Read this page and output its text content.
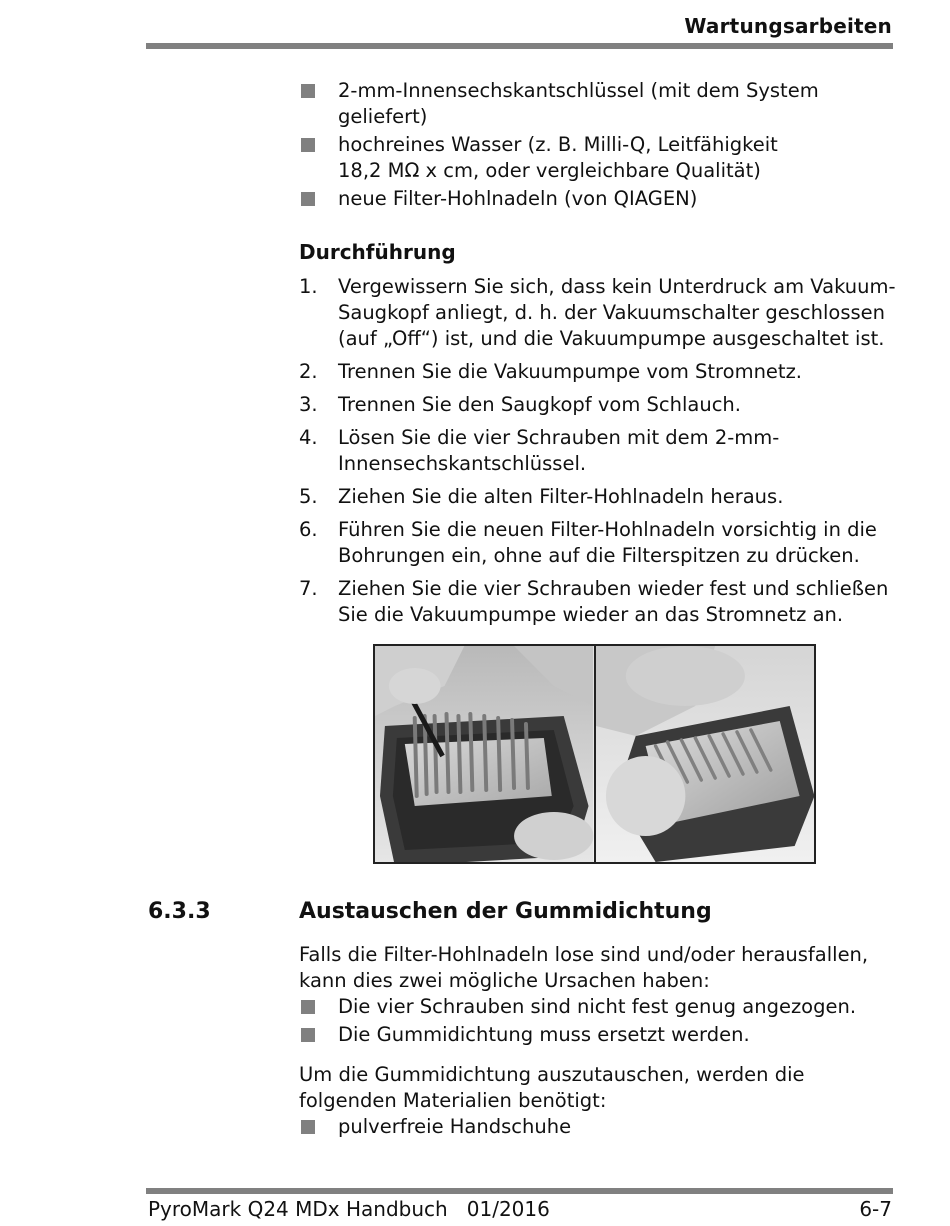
Wartungsarbeiten
2-mm-Innensechskantschlüssel (mit dem System
geliefert)
hochreines Wasser (z. B. Milli-Q, Leitfähigkeit
18,2 MΩ x cm, oder vergleichbare Qualität)
neue Filter-Hohlnadeln (von QIAGEN)
Durchführung
1. Vergewissern Sie sich, dass kein Unterdruck am Vakuum-
Saugkopf anliegt, d. h. der Vakuumschalter geschlossen
(auf „Off“) ist, und die Vakuumpumpe ausgeschaltet ist.
2. Trennen Sie die Vakuumpumpe vom Stromnetz.
3. Trennen Sie den Saugkopf vom Schlauch.
4. Lösen Sie die vier Schrauben mit dem 2-mm-
Innensechskantschlüssel.
5. Ziehen Sie die alten Filter-Hohlnadeln heraus.
6. Führen Sie die neuen Filter-Hohlnadeln vorsichtig in die
Bohrungen ein, ohne auf die Filterspitzen zu drücken.
7. Ziehen Sie die vier Schrauben wieder fest und schließen
Sie die Vakuumpumpe wieder an das Stromnetz an.
6.3.3	Austauschen der Gummidichtung
Falls die Filter-Hohlnadeln lose sind und/oder herausfallen,
kann dies zwei mögliche Ursachen haben:
Die vier Schrauben sind nicht fest genug angezogen.
Die Gummidichtung muss ersetzt werden.
Um die Gummidichtung auszutauschen, werden die
folgenden Materialien benötigt:
pulverfreie Handschuhe
PyroMark Q24 MDx Handbuch   01/2016	6-7
